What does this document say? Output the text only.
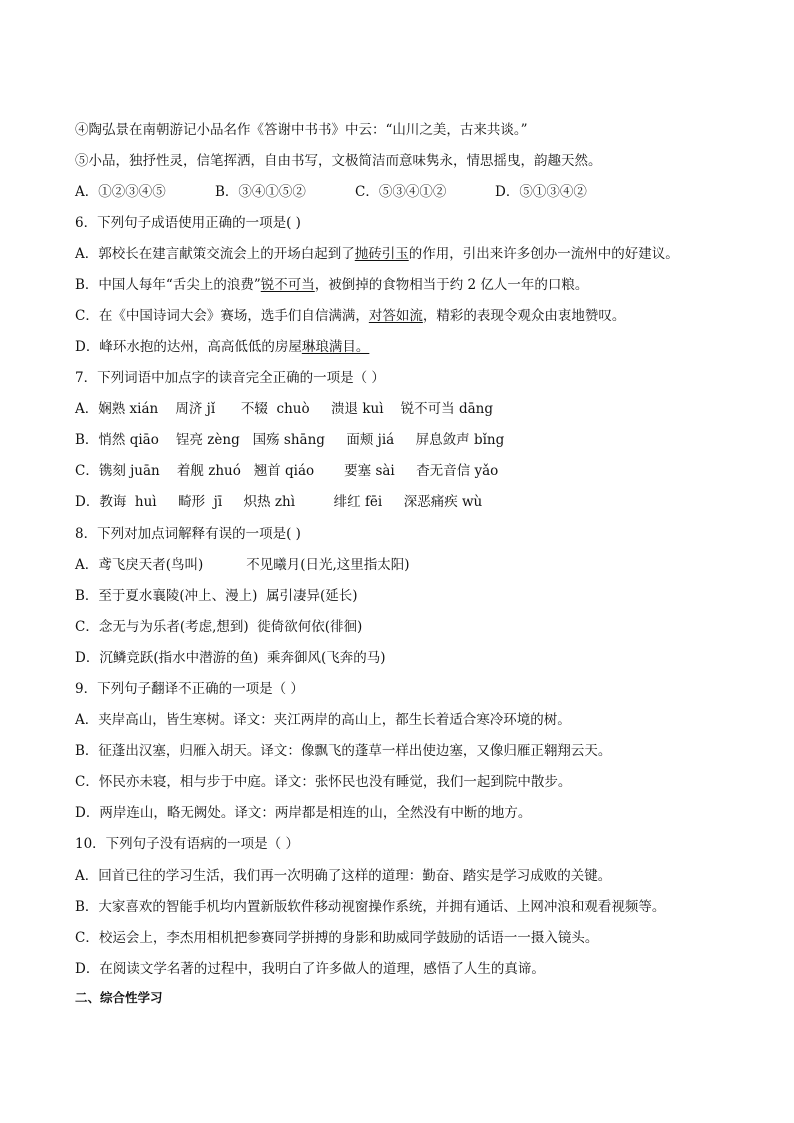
④陶弘景在南朝游记小品名作《答谢中书书》中云：“山川之美，古来共谈。”
⑤小品，独抒性灵，信笔挥洒，自由书写，文极简洁而意味隽永，情思摇曳，韵趣天然。
A．①②③④⑤	B．③④①⑤②	C．⑤③④①②	D．⑤①③④②
6．下列句子成语使用正确的一项是( )
A．郭校长在建言献策交流会上的开场白起到了抛砖引玉的作用，引出来许多创办一流州中的好建议。
B．中国人每年“舌尖上的浪费”锐不可当，被倒掉的食物相当于约 2 亿人一年的口粮。
C．在《中国诗词大会》赛场，选手们自信满满，对答如流，精彩的表现令观众由衷地赞叹。
D．峰环水抱的达州，高高低低的房屋琳琅满目。
7．下列词语中加点字的读音完全正确的一项是（ ）
A．娴熟 xián    周济 jǐ      不辍  chuò     溃退 kuì    锐不可当 dāng
B．悄然 qiāo    锃亮 zèng   国殇 shāng     面颊 jiá     屏息敛声 bǐng
C．镌刻 juān    着舰 zhuó   翘首 qiáo       要塞 sài     杳无音信 yǎo
D．教诲  huì     畸形  jī     炽热 zhì         绯红 fēi     深恶痛疾 wù
8．下列对加点词解释有误的一项是( )
A．鸢飞戾天者(鸟叫)          不见曦月(日光,这里指太阳)
B．至于夏水襄陵(冲上、漫上)  属引凄异(延长)
C．念无与为乐者(考虑,想到)  徙倚欲何依(徘徊)
D．沉鳞竞跃(指水中潜游的鱼)  乘奔御风(飞奔的马)
9．下列句子翻译不正确的一项是（ ）
A．夹岸高山，皆生寒树。译文：夹江两岸的高山上，都生长着适合寒冷环境的树。
B．征蓬出汉塞，归雁入胡天。译文：像飘飞的蓬草一样出使边塞，又像归雁正翱翔云天。
C．怀民亦未寝，相与步于中庭。译文：张怀民也没有睡觉，我们一起到院中散步。
D．两岸连山，略无阙处。译文：两岸都是相连的山，全然没有中断的地方。
10．下列句子没有语病的一项是（ ）
A．回首已往的学习生活，我们再一次明确了这样的道理：勤奋、踏实是学习成败的关键。
B．大家喜欢的智能手机均内置新版软件移动视窗操作系统，并拥有通话、上网冲浪和观看视频等。
C．校运会上，李杰用相机把参赛同学拼搏的身影和助威同学鼓励的话语一一摄入镜头。
D．在阅读文学名著的过程中，我明白了许多做人的道理，感悟了人生的真谛。
二、综合性学习
